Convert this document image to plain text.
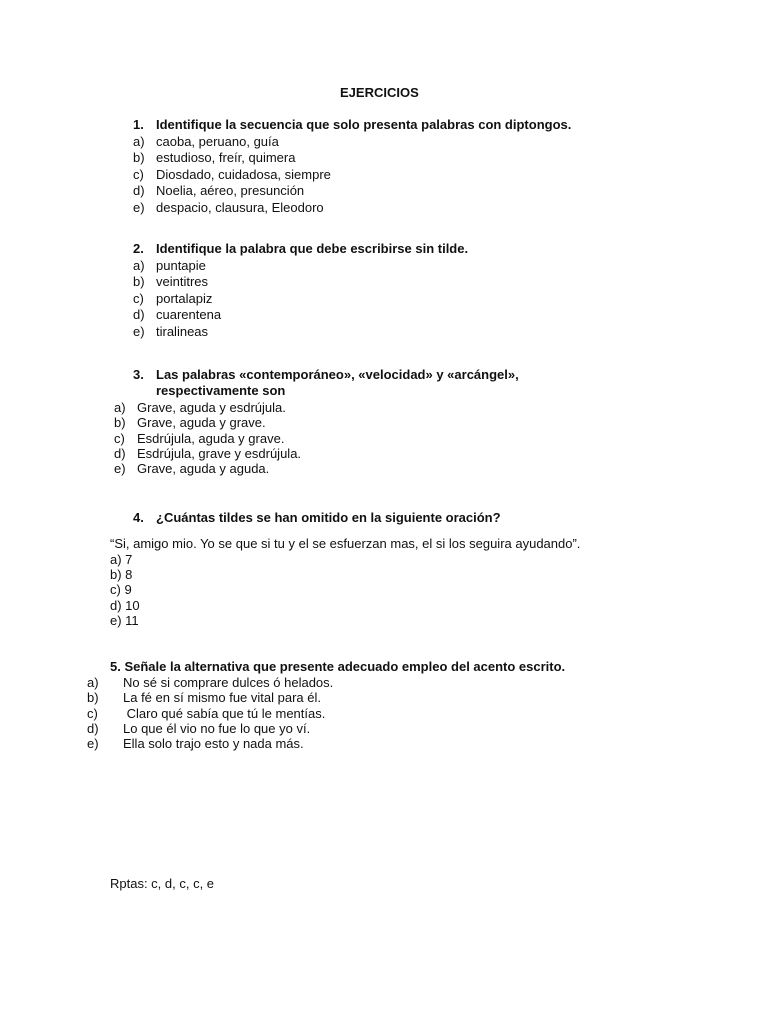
EJERCICIOS
1. Identifique la secuencia que solo presenta palabras con diptongos.
a) caoba, peruano, guía
b) estudioso, freír, quimera
c) Diosdado, cuidadosa, siempre
d) Noelia, aéreo, presunción
e) despacio, clausura, Eleodoro
2. Identifique la palabra que debe escribirse sin tilde.
a) puntapie
b) veintitres
c) portalapiz
d) cuarentena
e) tiralineas
3. Las palabras «contemporáneo», «velocidad» y «arcángel»,
respectivamente son
a) Grave, aguda y esdrújula.
b) Grave, aguda y grave.
c) Esdrújula, aguda y grave.
d) Esdrújula, grave y esdrújula.
e) Grave, aguda y aguda.
4. ¿Cuántas tildes se han omitido en la siguiente oración?
“Si, amigo mio. Yo se que si tu y el se esfuerzan mas, el si los seguira ayudando”.
a) 7
b) 8
c) 9
d) 10
e) 11
5. Señale la alternativa que presente adecuado empleo del acento escrito.
a) No sé si comprare dulces ó helados.
b) La fé en sí mismo fue vital para él.
c) Claro qué sabía que tú le mentías.
d) Lo que él vio no fue lo que yo ví.
e) Ella solo trajo esto y nada más.
Rptas: c, d, c, c, e
